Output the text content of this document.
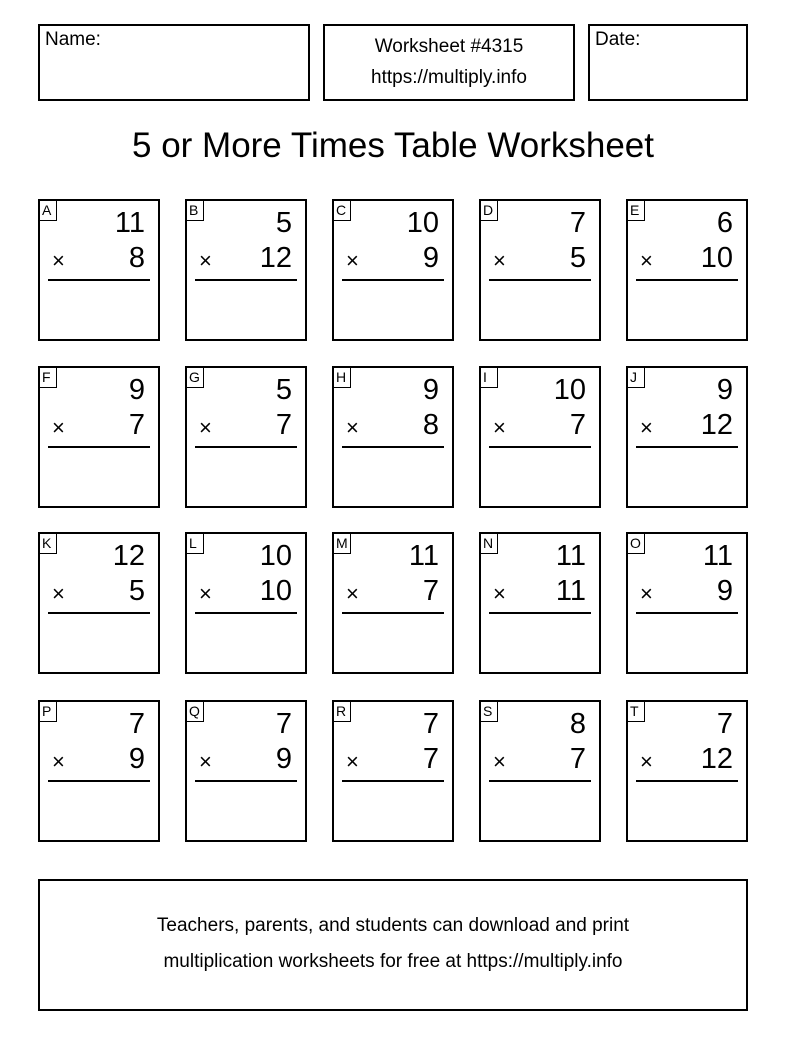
Name:	Worksheet #4315
https://multiply.info
Date:
5 or More Times Table Worksheet
A 11
× 8
B	5
× 12
C 10
× 9
D	7
× 5
E	6
× 10
F	9
× 7
G	5
× 7
H	9
× 8
I	10
× 7
J	9
× 12
K 12
× 5
L 10
× 10
M 11
× 7
N 11
× 11
O 11
× 9
P	7
× 9
Q	7
× 9
R	7
× 7
S	8
× 7
T	7
× 12
Teachers, parents, and students can download and print
multiplication worksheets for free at https://multiply.info
